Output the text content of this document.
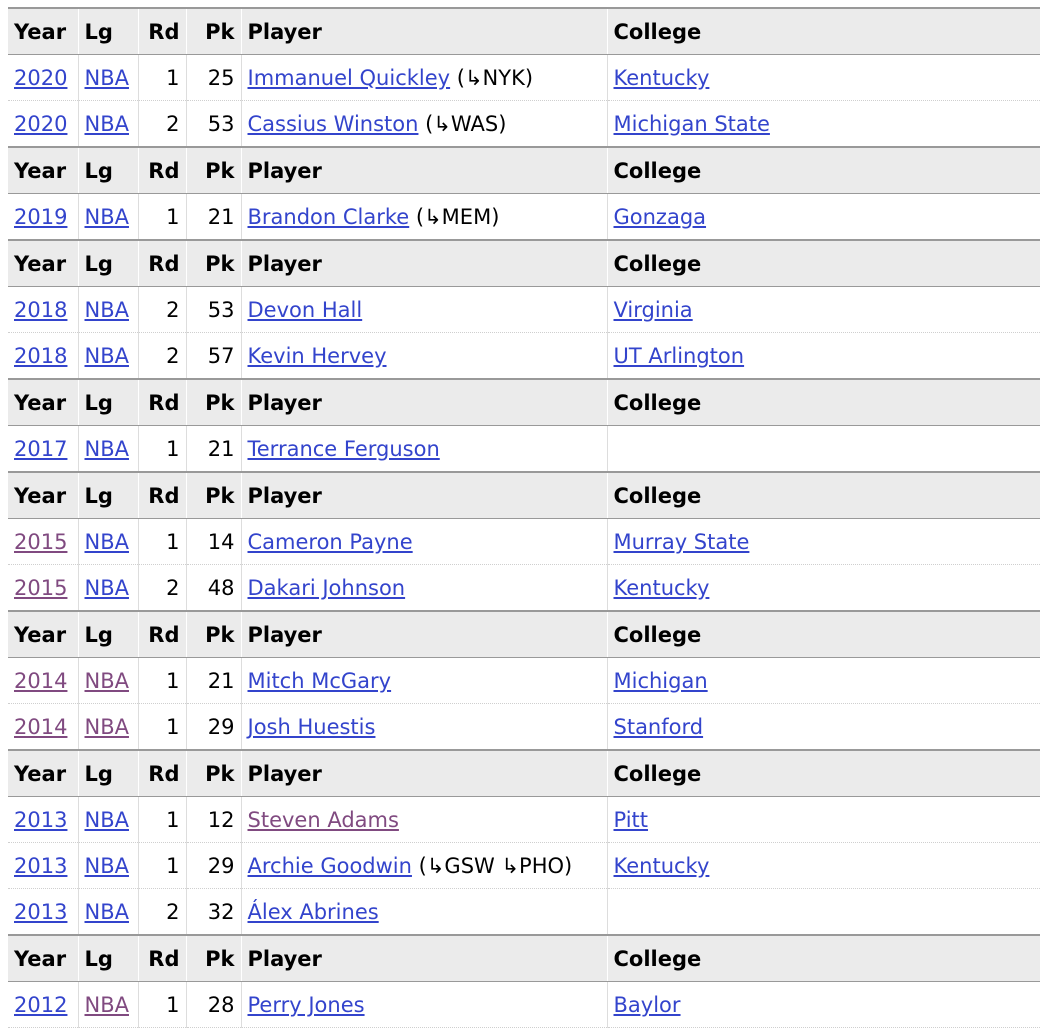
Year	Lg	Rd	Pk	Player	College
2020	NBA	1	25	Immanuel Quickley (↳NYK)	Kentucky
2020	NBA	2	53	Cassius Winston (↳WAS)	Michigan State
Year	Lg	Rd	Pk	Player	College
2019	NBA	1	21	Brandon Clarke (↳MEM)	Gonzaga
Year	Lg	Rd	Pk	Player	College
2018	NBA	2	53	Devon Hall	Virginia
2018	NBA	2	57	Kevin Hervey	UT Arlington
Year	Lg	Rd	Pk	Player	College
2017	NBA	1	21	Terrance Ferguson	
Year	Lg	Rd	Pk	Player	College
2015	NBA	1	14	Cameron Payne	Murray State
2015	NBA	2	48	Dakari Johnson	Kentucky
Year	Lg	Rd	Pk	Player	College
2014	NBA	1	21	Mitch McGary	Michigan
2014	NBA	1	29	Josh Huestis	Stanford
Year	Lg	Rd	Pk	Player	College
2013	NBA	1	12	Steven Adams	Pitt
2013	NBA	1	29	Archie Goodwin (↳GSW ↳PHO)	Kentucky
2013	NBA	2	32	Álex Abrines	
Year	Lg	Rd	Pk	Player	College
2012	NBA	1	28	Perry Jones	Baylor
